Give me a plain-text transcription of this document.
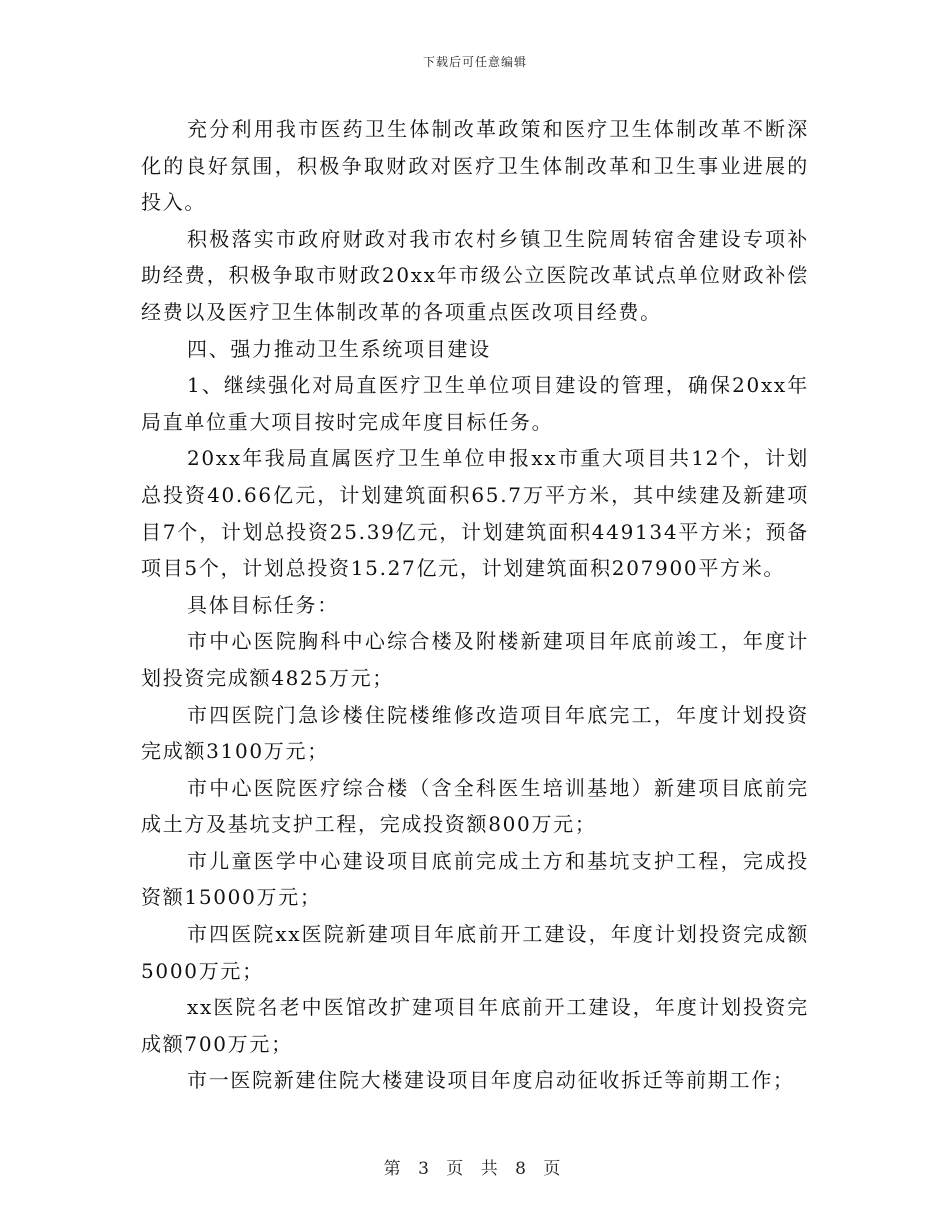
下载后可任意编辑

充分利用我市医药卫生体制改革政策和医疗卫生体制改革不断深化的良好氛围，积极争取财政对医疗卫生体制改革和卫生事业进展的投入。

积极落实市政府财政对我市农村乡镇卫生院周转宿舍建设专项补助经费，积极争取市财政20xx年市级公立医院改革试点单位财政补偿经费以及医疗卫生体制改革的各项重点医改项目经费。

四、强力推动卫生系统项目建设

1、继续强化对局直医疗卫生单位项目建设的管理，确保20xx年局直单位重大项目按时完成年度目标任务。

20xx年我局直属医疗卫生单位申报xx市重大项目共12个，计划总投资40.66亿元，计划建筑面积65.7万平方米，其中续建及新建项目7个，计划总投资25.39亿元，计划建筑面积449134平方米；预备项目5个，计划总投资15.27亿元，计划建筑面积207900平方米。

具体目标任务：

市中心医院胸科中心综合楼及附楼新建项目年底前竣工，年度计划投资完成额4825万元；

市四医院门急诊楼住院楼维修改造项目年底完工，年度计划投资完成额3100万元；

市中心医院医疗综合楼（含全科医生培训基地）新建项目底前完成土方及基坑支护工程，完成投资额800万元；

市儿童医学中心建设项目底前完成土方和基坑支护工程，完成投资额15000万元；

市四医院xx医院新建项目年底前开工建设，年度计划投资完成额5000万元；

xx医院名老中医馆改扩建项目年底前开工建设，年度计划投资完成额700万元；

市一医院新建住院大楼建设项目年度启动征收拆迁等前期工作；

第 3 页 共 8 页
